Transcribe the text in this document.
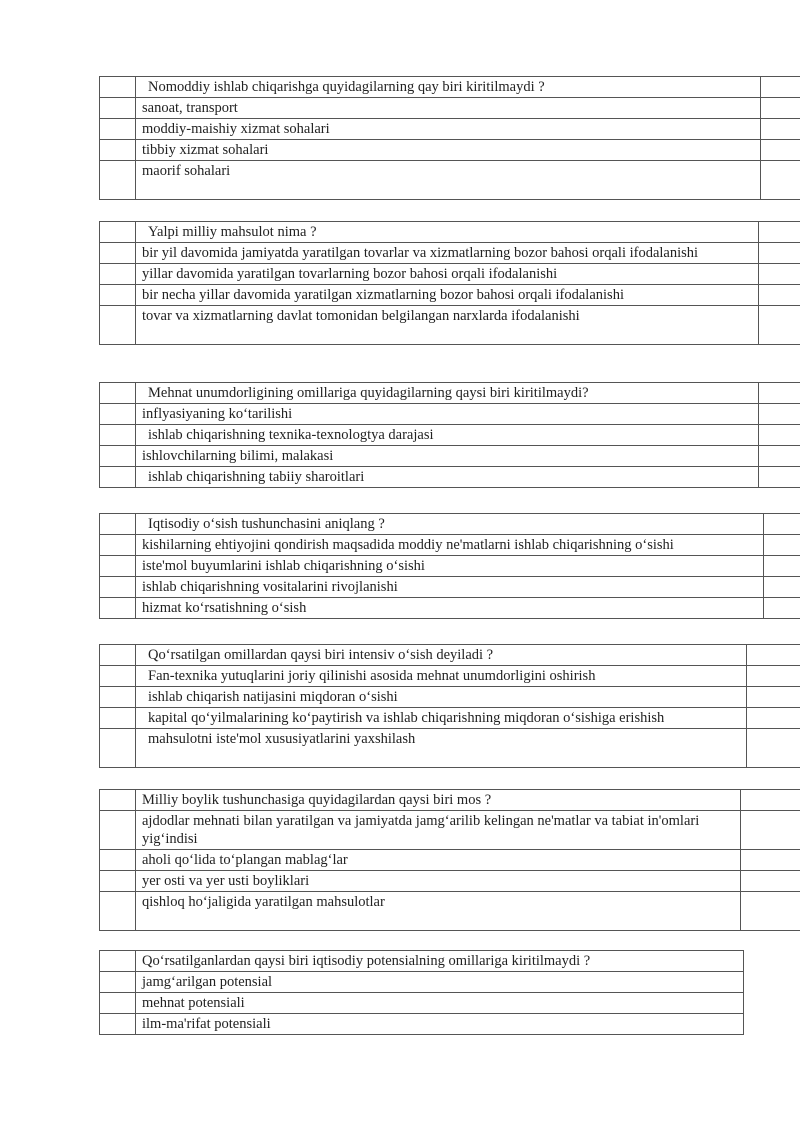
	Nomoddiy ishlab chiqarishga quyidagilarning qay biri kiritilmaydi ?	
	sanoat, transport	
	moddiy-maishiy xizmat sohalari	
	tibbiy xizmat sohalari	
	maorif sohalari	
	Yalpi milliy mahsulot nima ?	
	bir yil davomida jamiyatda yaratilgan tovarlar va xizmatlarning bozor bahosi orqali ifodalanishi	
	yillar davomida yaratilgan tovarlarning bozor bahosi orqali ifodalanishi	
	bir necha yillar davomida yaratilgan xizmatlarning bozor bahosi orqali ifodalanishi	
	tovar va xizmatlarning davlat tomonidan belgilangan narxlarda ifodalanishi	
	Mehnat unumdorligining omillariga quyidagilarning qaysi biri kiritilmaydi?	
	inflyasiyaning ko‘tarilishi	
	ishlab chiqarishning texnika-texnologtya darajasi	
	ishlovchilarning bilimi, malakasi	
	ishlab chiqarishning tabiiy sharoitlari	
	Iqtisodiy o‘sish tushunchasini aniqlang ?	
	kishilarning ehtiyojini qondirish maqsadida moddiy ne'matlarni ishlab chiqarishning o‘sishi	
	iste'mol buyumlarini ishlab chiqarishning o‘sishi	
	ishlab chiqarishning vositalarini rivojlanishi	
	hizmat ko‘rsatishning o‘sish	
	Qo‘rsatilgan omillardan qaysi biri intensiv o‘sish deyiladi ?	
	Fan-texnika yutuqlarini joriy qilinishi asosida mehnat unumdorligini oshirish	
	ishlab chiqarish natijasini miqdoran o‘sishi	
	kapital qo‘yilmalarining ko‘paytirish va ishlab chiqarishning miqdoran o‘sishiga erishish	
	mahsulotni iste'mol xususiyatlarini yaxshilash	
	Milliy boylik tushunchasiga quyidagilardan qaysi biri mos ?	
	ajdodlar mehnati bilan yaratilgan va jamiyatda jamg‘arilib kelingan ne'matlar va tabiat in'omlari yig‘indisi	
	aholi qo‘lida to‘plangan mablag‘lar	
	yer osti va yer usti boyliklari	
	qishloq ho‘jaligida yaratilgan mahsulotlar	
	Qo‘rsatilganlardan qaysi biri iqtisodiy potensialning omillariga kiritilmaydi ?
	jamg‘arilgan potensial
	mehnat potensiali
	ilm-ma'rifat potensiali
